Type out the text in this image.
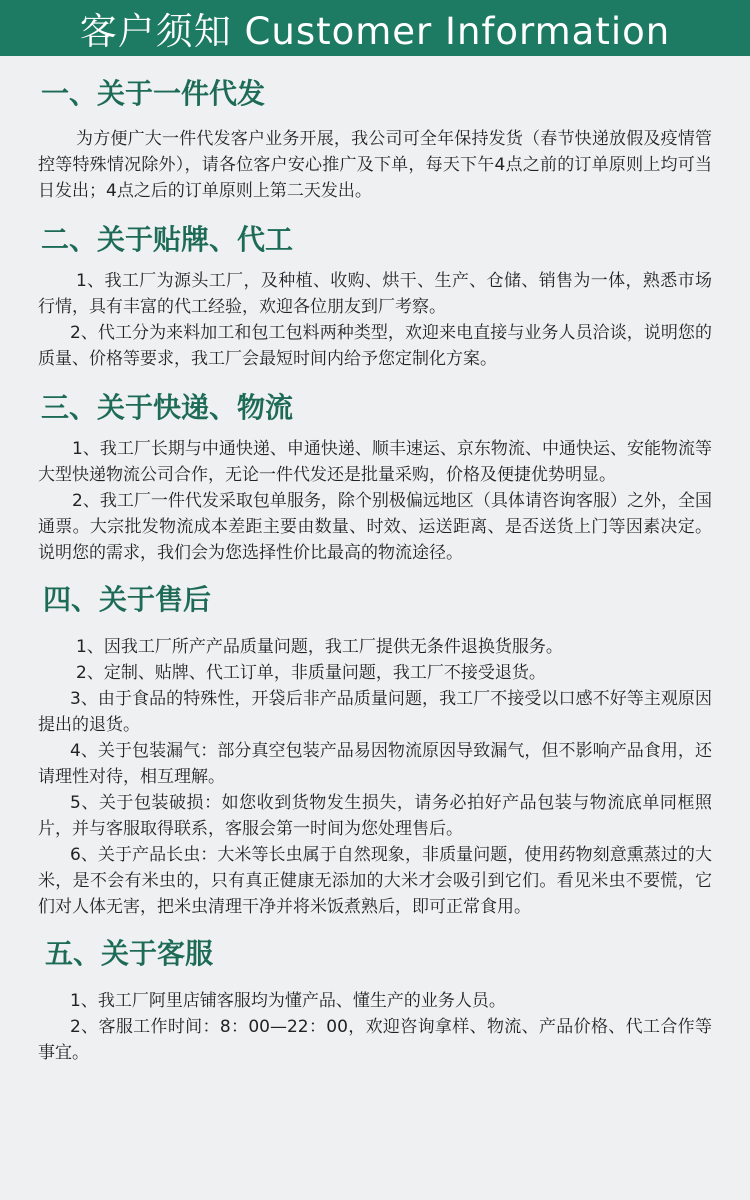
客户须知 Customer Information
一、关于一件代发

为方便广大一件代发客户业务开展，我公司可全年保持发货（春节快递放假及疫情管控等特殊情况除外），请各位客户安心推广及下单，每天下午4点之前的订单原则上均可当日发出；4点之后的订单原则上第二天发出。

二、关于贴牌、代工

1、我工厂为源头工厂，及种植、收购、烘干、生产、仓储、销售为一体，熟悉市场行情，具有丰富的代工经验，欢迎各位朋友到厂考察。

2、代工分为来料加工和包工包料两种类型，欢迎来电直接与业务人员洽谈，说明您的质量、价格等要求，我工厂会最短时间内给予您定制化方案。

三、关于快递、物流

1、我工厂长期与中通快递、申通快递、顺丰速运、京东物流、中通快运、安能物流等大型快递物流公司合作，无论一件代发还是批量采购，价格及便捷优势明显。

2、我工厂一件代发采取包单服务，除个别极偏远地区（具体请咨询客服）之外，全国通票。大宗批发物流成本差距主要由数量、时效、运送距离、是否送货上门等因素决定。说明您的需求，我们会为您选择性价比最高的物流途径。

四、关于售后

1、因我工厂所产产品质量问题，我工厂提供无条件退换货服务。

2、定制、贴牌、代工订单，非质量问题，我工厂不接受退货。

3、由于食品的特殊性，开袋后非产品质量问题，我工厂不接受以口感不好等主观原因提出的退货。

4、关于包装漏气：部分真空包装产品易因物流原因导致漏气，但不影响产品食用，还请理性对待，相互理解。

5、关于包装破损：如您收到货物发生损失，请务必拍好产品包装与物流底单同框照片，并与客服取得联系，客服会第一时间为您处理售后。

6、关于产品长虫：大米等长虫属于自然现象，非质量问题，使用药物刻意熏蒸过的大米，是不会有米虫的，只有真正健康无添加的大米才会吸引到它们。看见米虫不要慌，它们对人体无害，把米虫清理干净并将米饭煮熟后，即可正常食用。

五、关于客服

1、我工厂阿里店铺客服均为懂产品、懂生产的业务人员。

2、客服工作时间：8：00—22：00，欢迎咨询拿样、物流、产品价格、代工合作等事宜。
